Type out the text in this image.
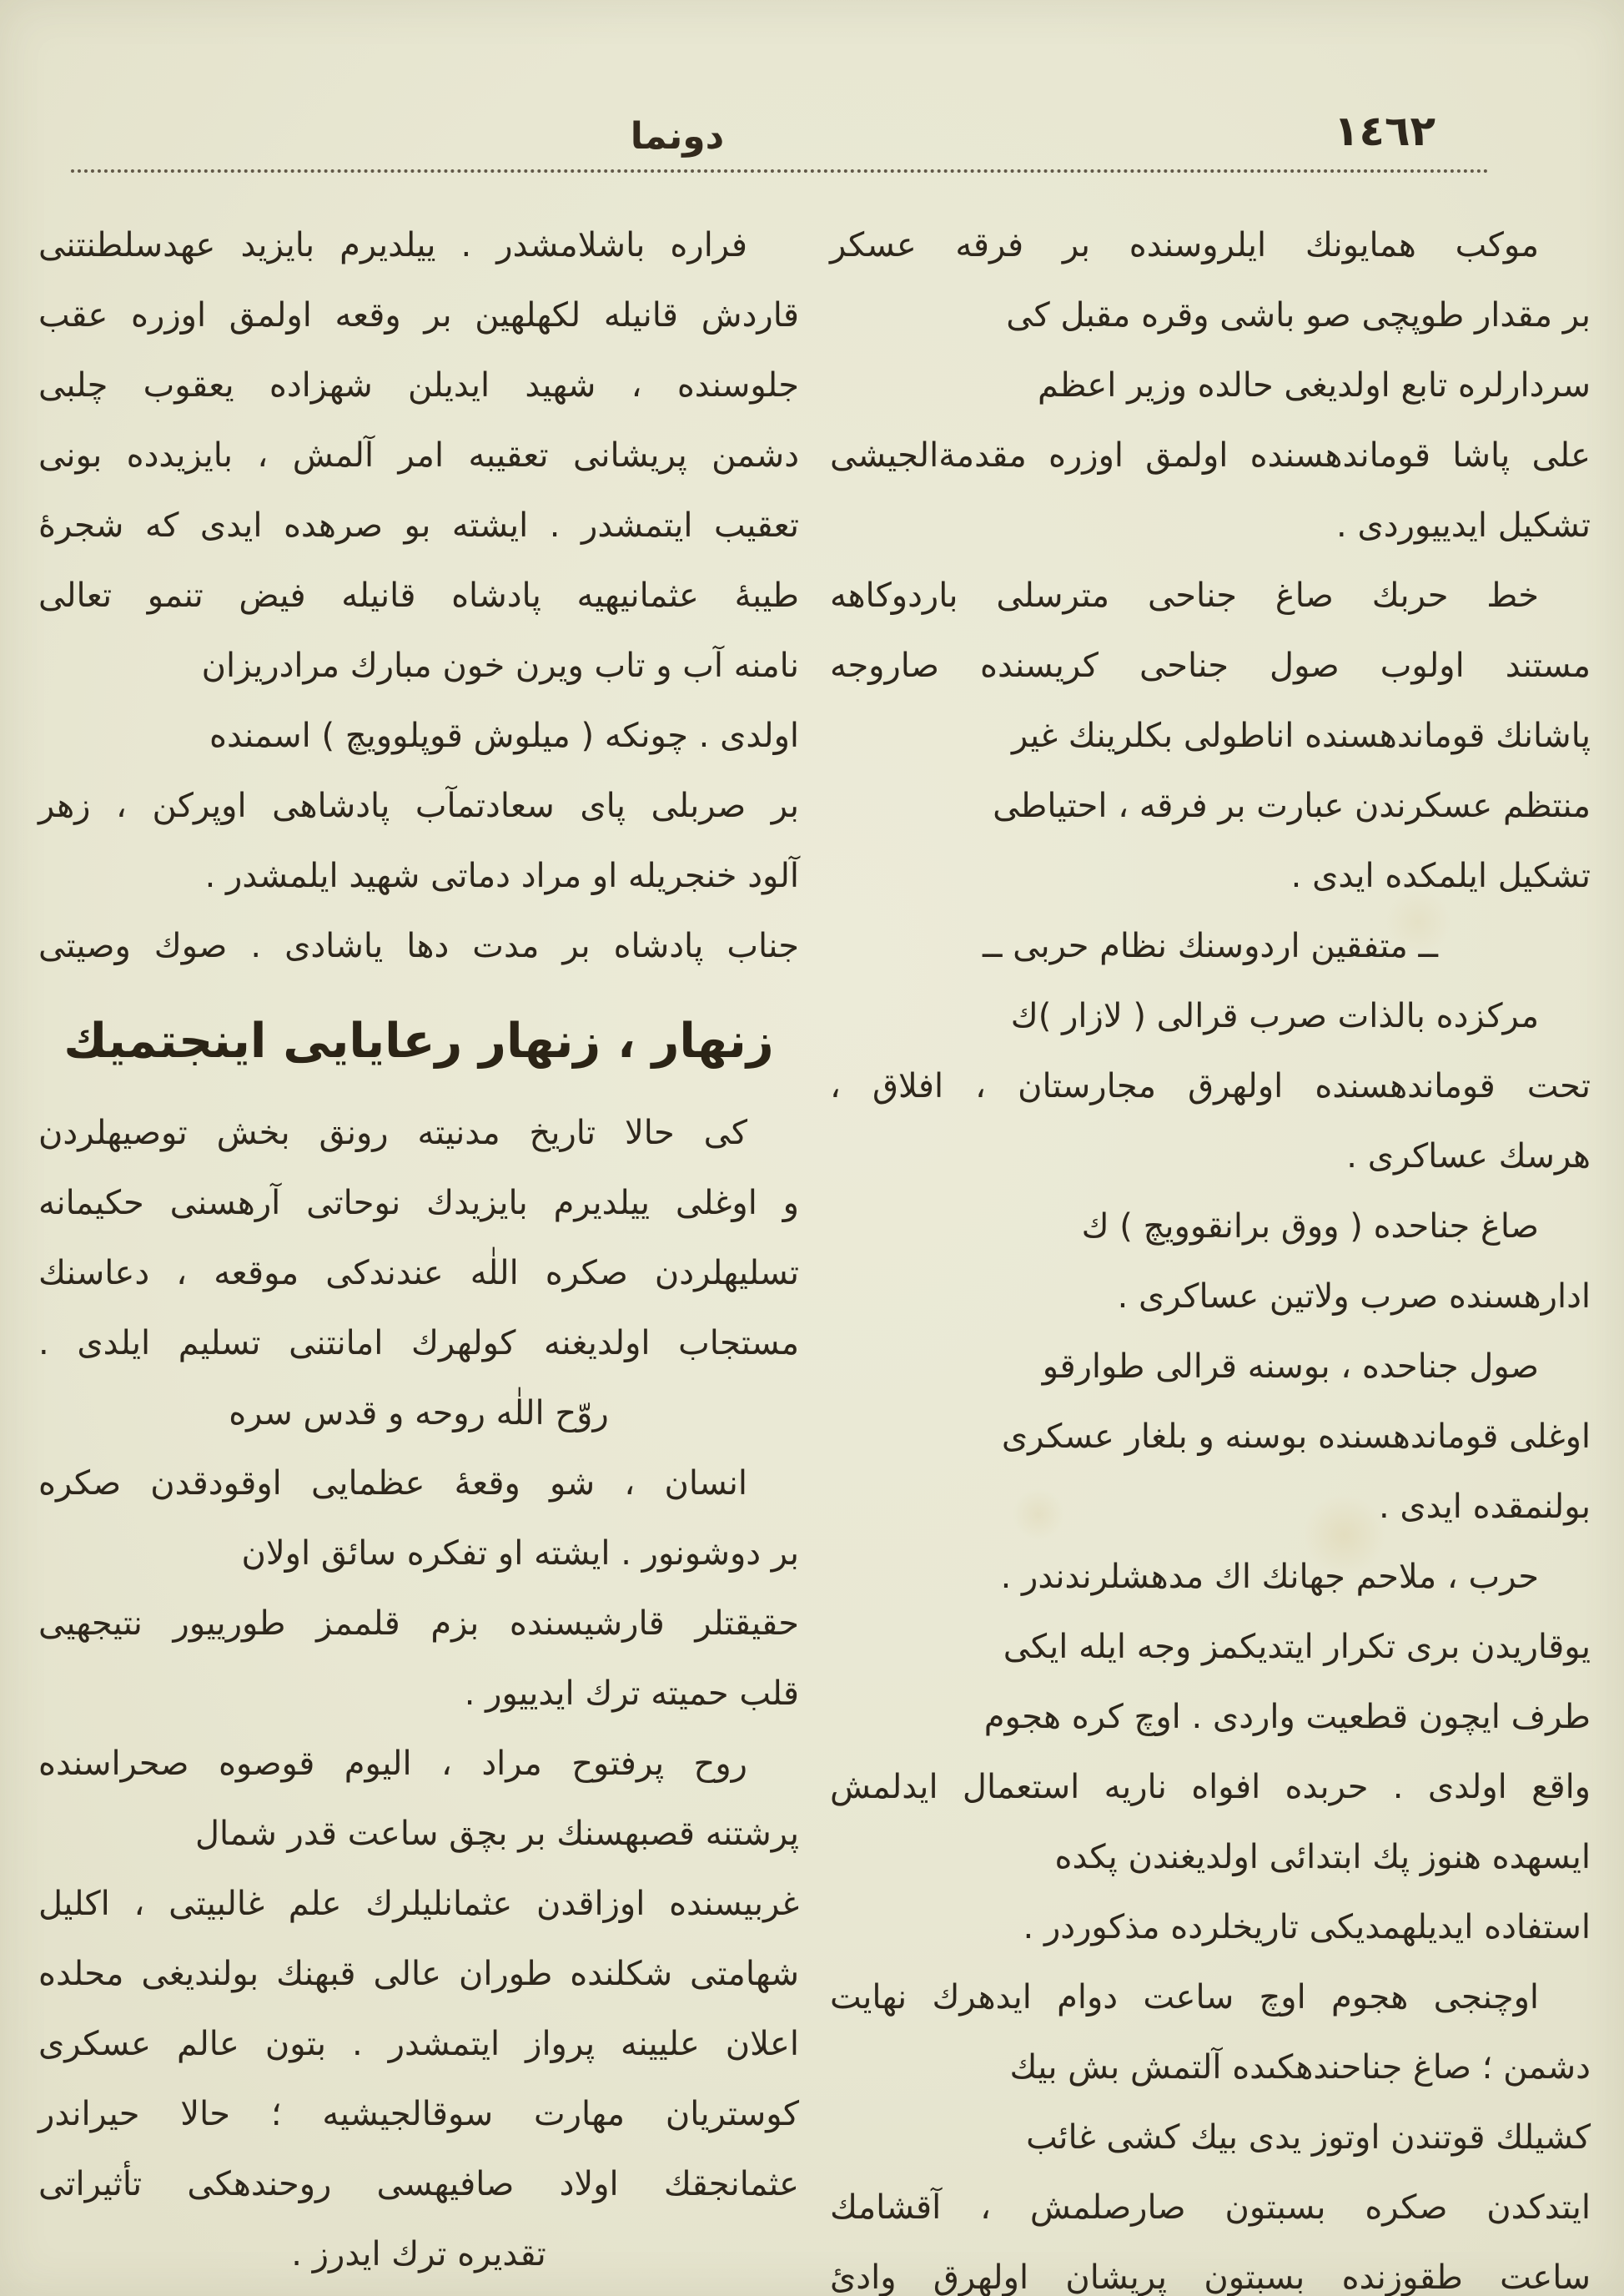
دونما	١٤٦٢
موكب همايونك ايلروسنده بر فرقه عسكر
بر مقدار طوپچى صو باشى وقره مقبل كى
سردارلره تابع اولديغى حالده وزير اعظم
على پاشا قوماندهسنده اولمق اوزره مقدمةالجيشى
تشكيل ايدييوردى .
خط حربك صاغ جناحى مترسلى باردوكاهه
مستند اولوب صول جناحى كريسنده صاروجه
پاشانك قوماندهسنده اناطولى بكلرينك غير
منتظم عسكرندن عبارت بر فرقه ، احتياطى
تشكيل ايلمكده ايدى .
ــ متفقين اردوسنك نظام حربى ــ
مركزده بالذات صرب قرالى ( لازار )ك
تحت قوماندهسنده اولهرق مجارستان ، افلاق ،
هرسك عساكرى .
صاغ جناحده ( ووق برانقوويچ ) ك
ادارهسنده صرب ولاتين عساكرى .
صول جناحده ، بوسنه قرالى طوارقو
اوغلى قوماندهسنده بوسنه و بلغار عسكرى
بولنمقده ايدى .
حرب ، ملاحم جهانك اك مدهشلرندندر .
يوقاريدن برى تكرار ايتديكمز وجه ايله ايكى
طرف ايچون قطعيت واردى . اوچ كره هجوم
واقع اولدى . حربده افواه ناريه استعمال ايدلمش
ايسهده هنوز پك ابتدائى اولديغندن پكده
استفاده ايديلهمديكى تاريخلرده مذكوردر .
اوچنجى هجوم اوچ ساعت دوام ايدهرك نهايت
دشمن ؛ صاغ جناحندهكىده آلتمش بش بيك
كشيلك قوتندن اوتوز يدى بيك كشى غائب
ايتدكدن صكره بسبتون صارصلمش ، آقشامك
ساعت طقوزنده بسبتون پريشان اولهرق وادئ
فراره باشلامشدر . ييلديرم بايزيد عهدسلطنتنى
قاردش قانيله لكهلهين بر وقعه اولمق اوزره عقب
جلوسنده ، شهيد ايديلن شهزاده يعقوب چلبى
دشمن پريشانى تعقيبه امر آلمش ، بايزيدده بونى
تعقيب ايتمشدر . ايشته بو صرهده ايدى كه شجرهٔ
طيبهٔ عثمانيهيه پادشاه قانيله فيض تنمو تعالى
نامنه آب و تاب ويرن خون مبارك مرادريزان
اولدى . چونكه ( ميلوش قوپلوويچ ) اسمنده
بر صربلى پاى سعادتمآب پادشاهى اوپركن ، زهر
آلود خنجريله او مراد دماتى شهيد ايلمشدر .
جناب پادشاه بر مدت دها ياشادى . صوك وصيتى
زنهار ، زنهار رعايايى اينجتميك
كى حالا تاريخ مدنيته رونق بخش توصيهلردن
و اوغلى ييلديرم بايزيدك نوحاتى آرهسنى حكيمانه
تسليهلردن صكره اللٰه عندندكى موقعه ، دعاسنك
مستجاب اولديغنه كولهرك امانتنى تسليم ايلدى .
روّح اللٰه روحه و قدس سره
انسان ، شو وقعهٔ عظمايى اوقودقدن صكره
بر دوشونور . ايشته او تفكره سائق اولان
حقيقتلر قارشيسنده بزم قلممز طورييور نتيجهيى
قلب حميته ترك ايدييور .
روح پرفتوح مراد ، اليوم قوصوه صحراسنده
پرشتنه قصبهسنك بر بچق ساعت قدر شمال
غربيسنده اوزاقدن عثمانليلرك علم غالبيتى ، اكليل
شهامتى شكلنده طوران عالى قبهنك بولنديغى محلده
اعلان عليينه پرواز ايتمشدر . بتون عالم عسكرى
كوستريان مهارت سوقالجيشيه ؛ حالا حيراندر
عثمانجقك اولاد صافيهسى روحندهكى تأثيراتى
تقديره ترك ايدرز .
